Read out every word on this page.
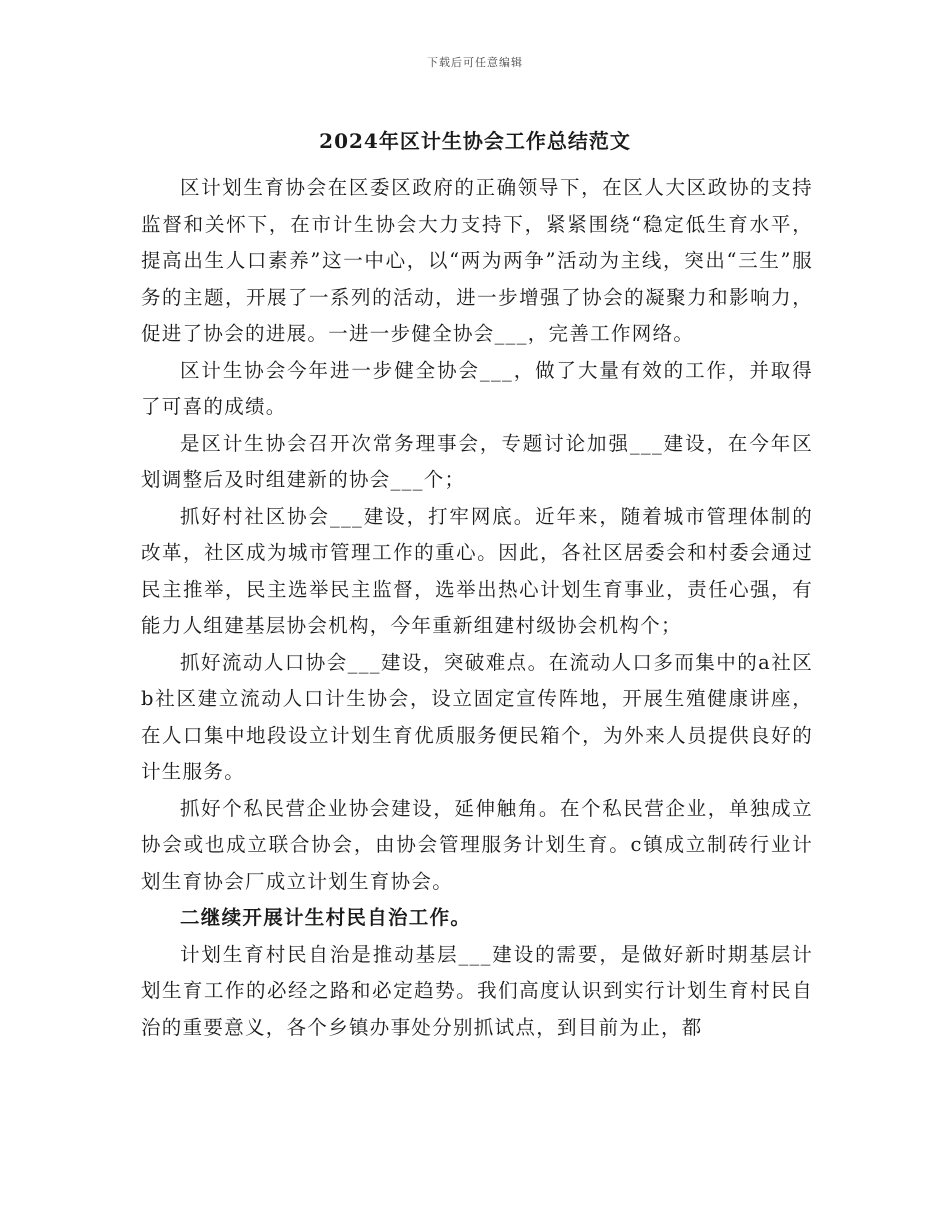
下载后可任意编辑
2024年区计生协会工作总结范文

区计划生育协会在区委区政府的正确领导下，在区人大区政协的支持监督和关怀下，在市计生协会大力支持下，紧紧围绕“稳定低生育水平，提高出生人口素养”这一中心，以“两为两争”活动为主线，突出“三生”服务的主题，开展了一系列的活动，进一步增强了协会的凝聚力和影响力，促进了协会的进展。一进一步健全协会___，完善工作网络。

区计生协会今年进一步健全协会___，做了大量有效的工作，并取得了可喜的成绩。

是区计生协会召开次常务理事会，专题讨论加强___建设，在今年区划调整后及时组建新的协会___个；

抓好村社区协会___建设，打牢网底。近年来，随着城市管理体制的改革，社区成为城市管理工作的重心。因此，各社区居委会和村委会通过民主推举，民主选举民主监督，选举出热心计划生育事业，责任心强，有能力人组建基层协会机构，今年重新组建村级协会机构个；

抓好流动人口协会___建设，突破难点。在流动人口多而集中的a社区b社区建立流动人口计生协会，设立固定宣传阵地，开展生殖健康讲座，在人口集中地段设立计划生育优质服务便民箱个，为外来人员提供良好的计生服务。

抓好个私民营企业协会建设，延伸触角。在个私民营企业，单独成立协会或也成立联合协会，由协会管理服务计划生育。c镇成立制砖行业计划生育协会厂成立计划生育协会。

二继续开展计生村民自治工作。

计划生育村民自治是推动基层___建设的需要，是做好新时期基层计划生育工作的必经之路和必定趋势。我们高度认识到实行计划生育村民自治的重要意义，各个乡镇办事处分别抓试点，到目前为止，都
